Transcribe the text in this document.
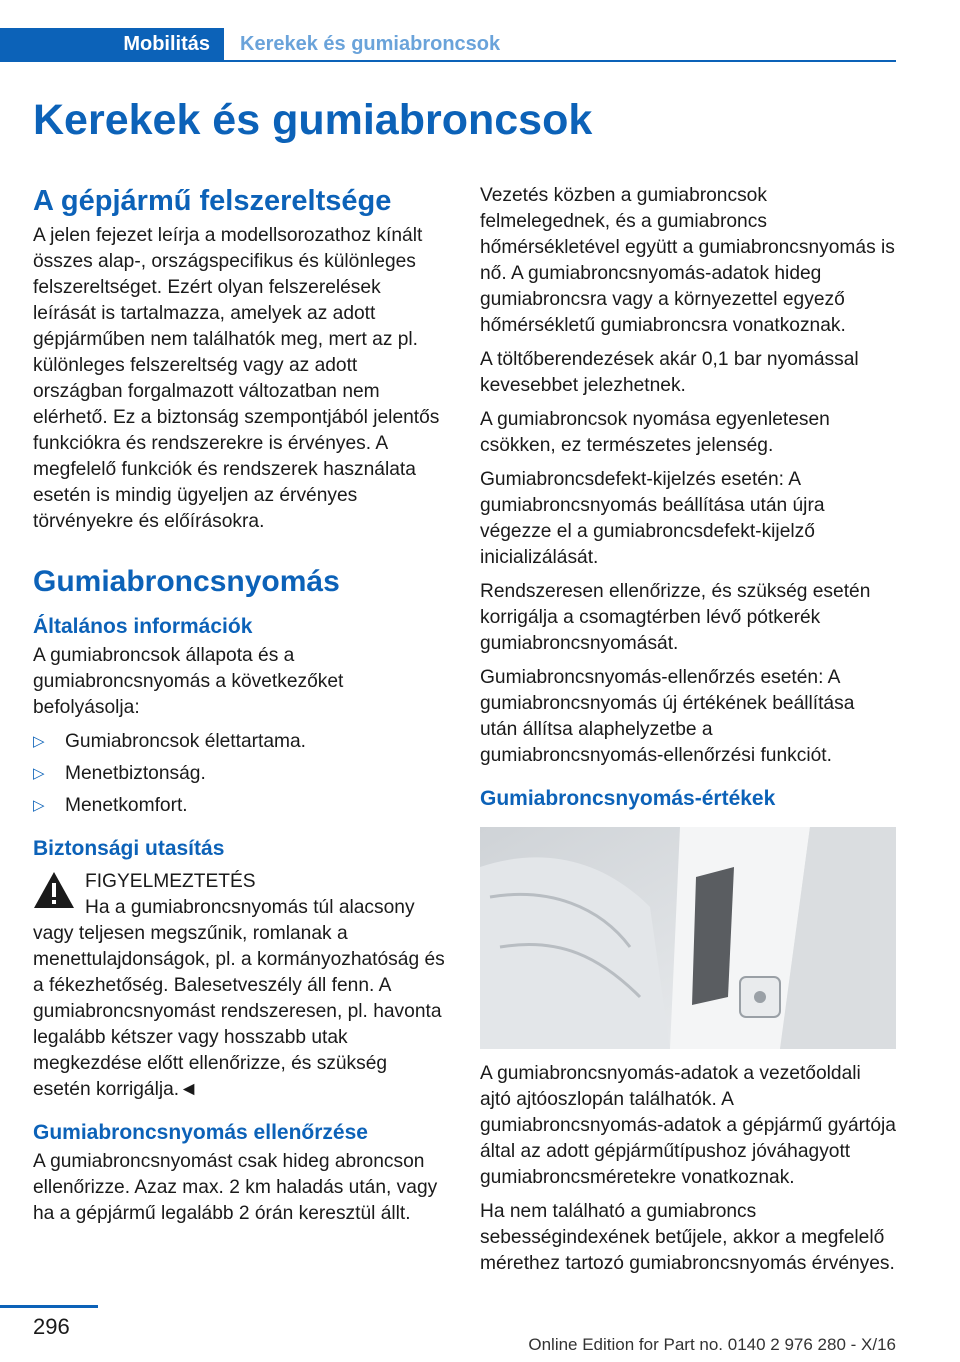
Mobilitás	Kerekek és gumiabroncsok
Kerekek és gumiabroncsok
A gépjármű felszereltsége

A jelen fejezet leírja a modellsorozathoz kínált összes alap-, országspecifikus és különleges felszereltséget. Ezért olyan felszerelések leírását is tartalmazza, amelyek az adott gépjárműben nem találhatók meg, mert az pl. különleges felszereltség vagy az adott országban forgalmazott változatban nem elérhető. Ez a biztonság szempontjából jelentős funkciókra és rendszerekre is érvényes. A megfelelő funkciók és rendszerek használata esetén is mindig ügyeljen az érvényes törvényekre és előírásokra.

Gumiabroncsnyomás
Általános információk

A gumiabroncsok állapota és a gumiabroncsnyomás a következőket befolyásolja:

▷ Gumiabroncsok élettartama.
▷ Menetbiztonság.
▷ Menetkomfort.
Biztonsági utasítás
FIGYELMEZTETÉS
Ha a gumiabroncsnyomás túl alacsony vagy teljesen megszűnik, romlanak a menettulajdonságok, pl. a kormányozhatóság és a fékezhetőség. Balesetveszély áll fenn. A gumiabroncsnyomást rendszeresen, pl. havonta legalább kétszer vagy hosszabb utak megkezdése előtt ellenőrizze, és szükség esetén korrigálja.◄
Gumiabroncsnyomás ellenőrzése

A gumiabroncsnyomást csak hideg abroncson ellenőrizze. Azaz max. 2 km haladás után, vagy ha a gépjármű legalább 2 órán keresztül állt.

Vezetés közben a gumiabroncsok felmelegednek, és a gumiabroncs hőmérsékletével együtt a gumiabroncsnyomás is nő. A gumiabroncsnyomás-adatok hideg gumiabroncsra vagy a környezettel egyező hőmérsékletű gumiabroncsra vonatkoznak.

A töltőberendezések akár 0,1 bar nyomással kevesebbet jelezhetnek.

A gumiabroncsok nyomása egyenletesen csökken, ez természetes jelenség.

Gumiabroncsdefekt-kijelzés esetén: A gumiabroncsnyomás beállítása után újra végezze el a gumiabroncsdefekt-kijelző inicializálását.

Rendszeresen ellenőrizze, és szükség esetén korrigálja a csomagtérben lévő pótkerék gumiabroncsnyomását.

Gumiabroncsnyomás-ellenőrzés esetén: A gumiabroncsnyomás új értékének beállítása után állítsa alaphelyzetbe a gumiabroncsnyomás-ellenőrzési funkciót.

Gumiabroncsnyomás-értékek

A gumiabroncsnyomás-adatok a vezetőoldali ajtó ajtóoszlopán találhatók. A gumiabroncsnyomás-adatok a gépjármű gyártója által az adott gépjárműtípushoz jóváhagyott gumiabroncsméretekre vonatkoznak.

Ha nem található a gumiabroncs sebességindexének betűjele, akkor a megfelelő mérethez tartozó gumiabroncsnyomás érvényes.

296
Online Edition for Part no. 0140 2 976 280 - X/16
